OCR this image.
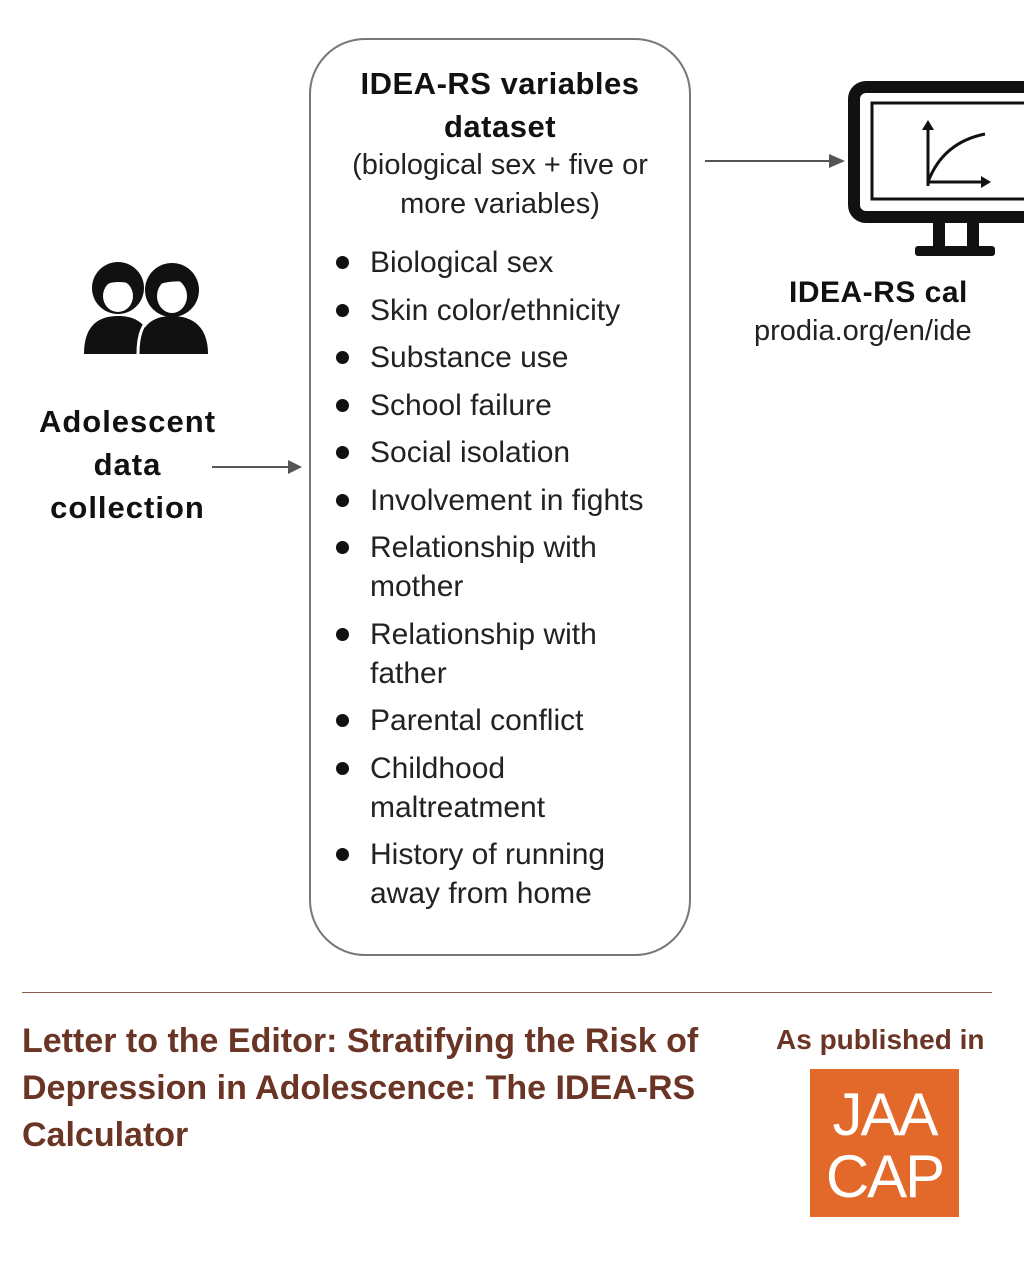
Adolescent
data
collection
IDEA-RS variables
dataset
(biological sex + five or
more variables)
Biological sex
Skin color/ethnicity
Substance use
School failure
Social isolation
Involvement in fights
Relationship with
mother
Relationship with
father
Parental conflict
Childhood
maltreatment
History of running
away from home
IDEA-RS cal
prodia.org/en/ide
Letter to the Editor: Stratifying the Risk of Depression in Adolescence: The IDEA-RS Calculator
As published in
JAA
CAP
